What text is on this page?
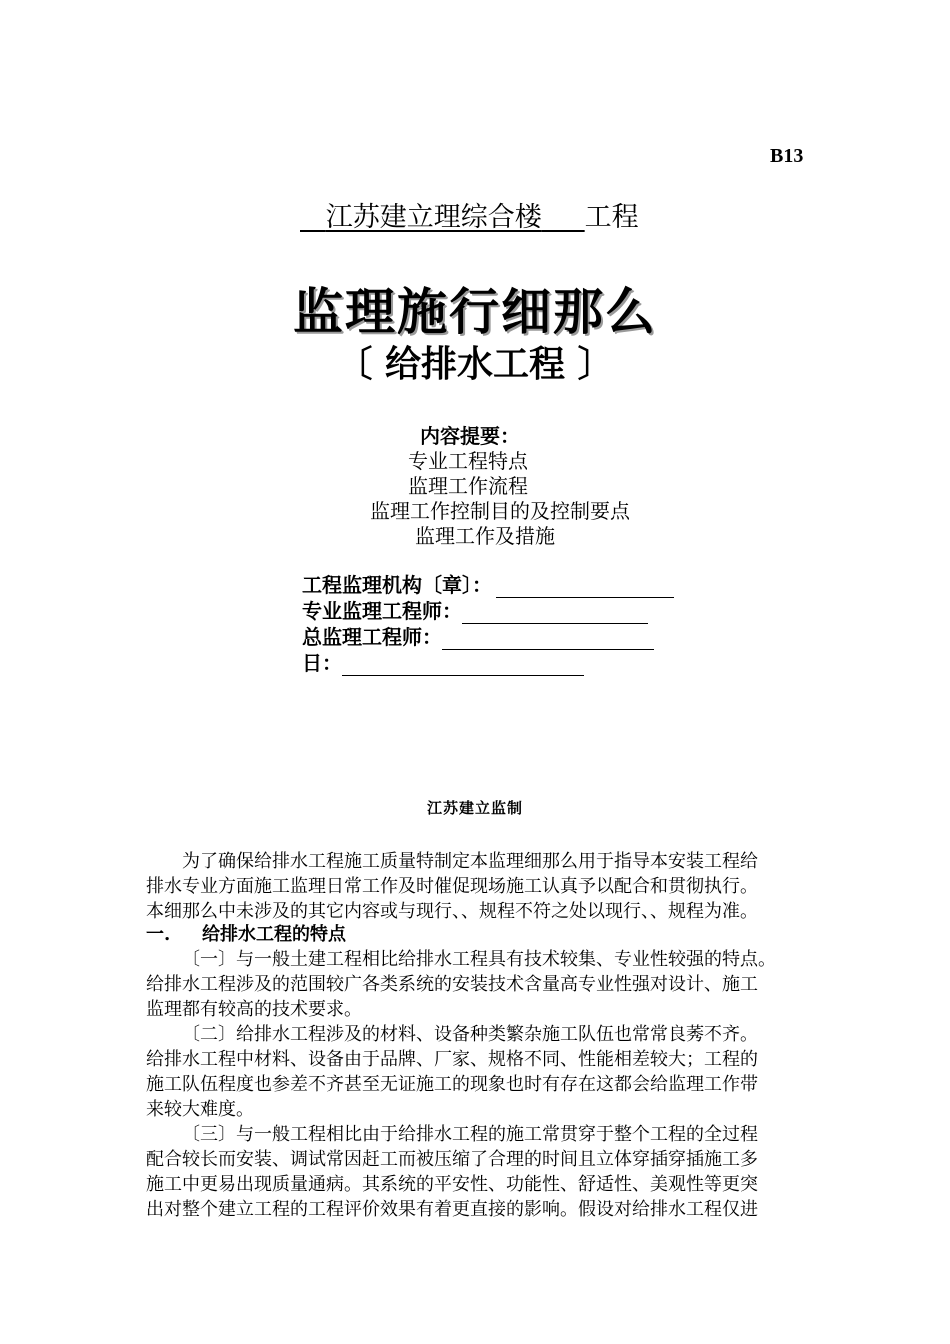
B13
江苏建立理综合楼 工程
监理施行细那么
〔 给排水工程 〕
内容提要：
专业工程特点
监理工作流程
监理工作控制目的及控制要点
监理工作及措施
工程监理机构〔章〕：
专业监理工程师：
总监理工程师：
日：
江苏建立监制
为了确保给排水工程施工质量特制定本监理细那么用于指导本安装工程给
排水专业方面施工监理日常工作及时催促现场施工认真予以配合和贯彻执行。
本细那么中未涉及的其它内容或与现行、、规程不符之处以现行、、规程为准。
一. 给排水工程的特点
〔一〕与一般土建工程相比给排水工程具有技术较集、专业性较强的特点。
给排水工程涉及的范围较广各类系统的安装技术含量高专业性强对设计、施工
监理都有较高的技术要求。
〔二〕给排水工程涉及的材料、设备种类繁杂施工队伍也常常良莠不齐。
给排水工程中材料、设备由于品牌、厂家、规格不同、性能相差较大；工程的
施工队伍程度也参差不齐甚至无证施工的现象也时有存在这都会给监理工作带
来较大难度。
〔三〕与一般工程相比由于给排水工程的施工常贯穿于整个工程的全过程
配合较长而安装、调试常因赶工而被压缩了合理的时间且立体穿插穿插施工多
施工中更易出现质量通病。其系统的平安性、功能性、舒适性、美观性等更突
出对整个建立工程的工程评价效果有着更直接的影响。假设对给排水工程仅进
